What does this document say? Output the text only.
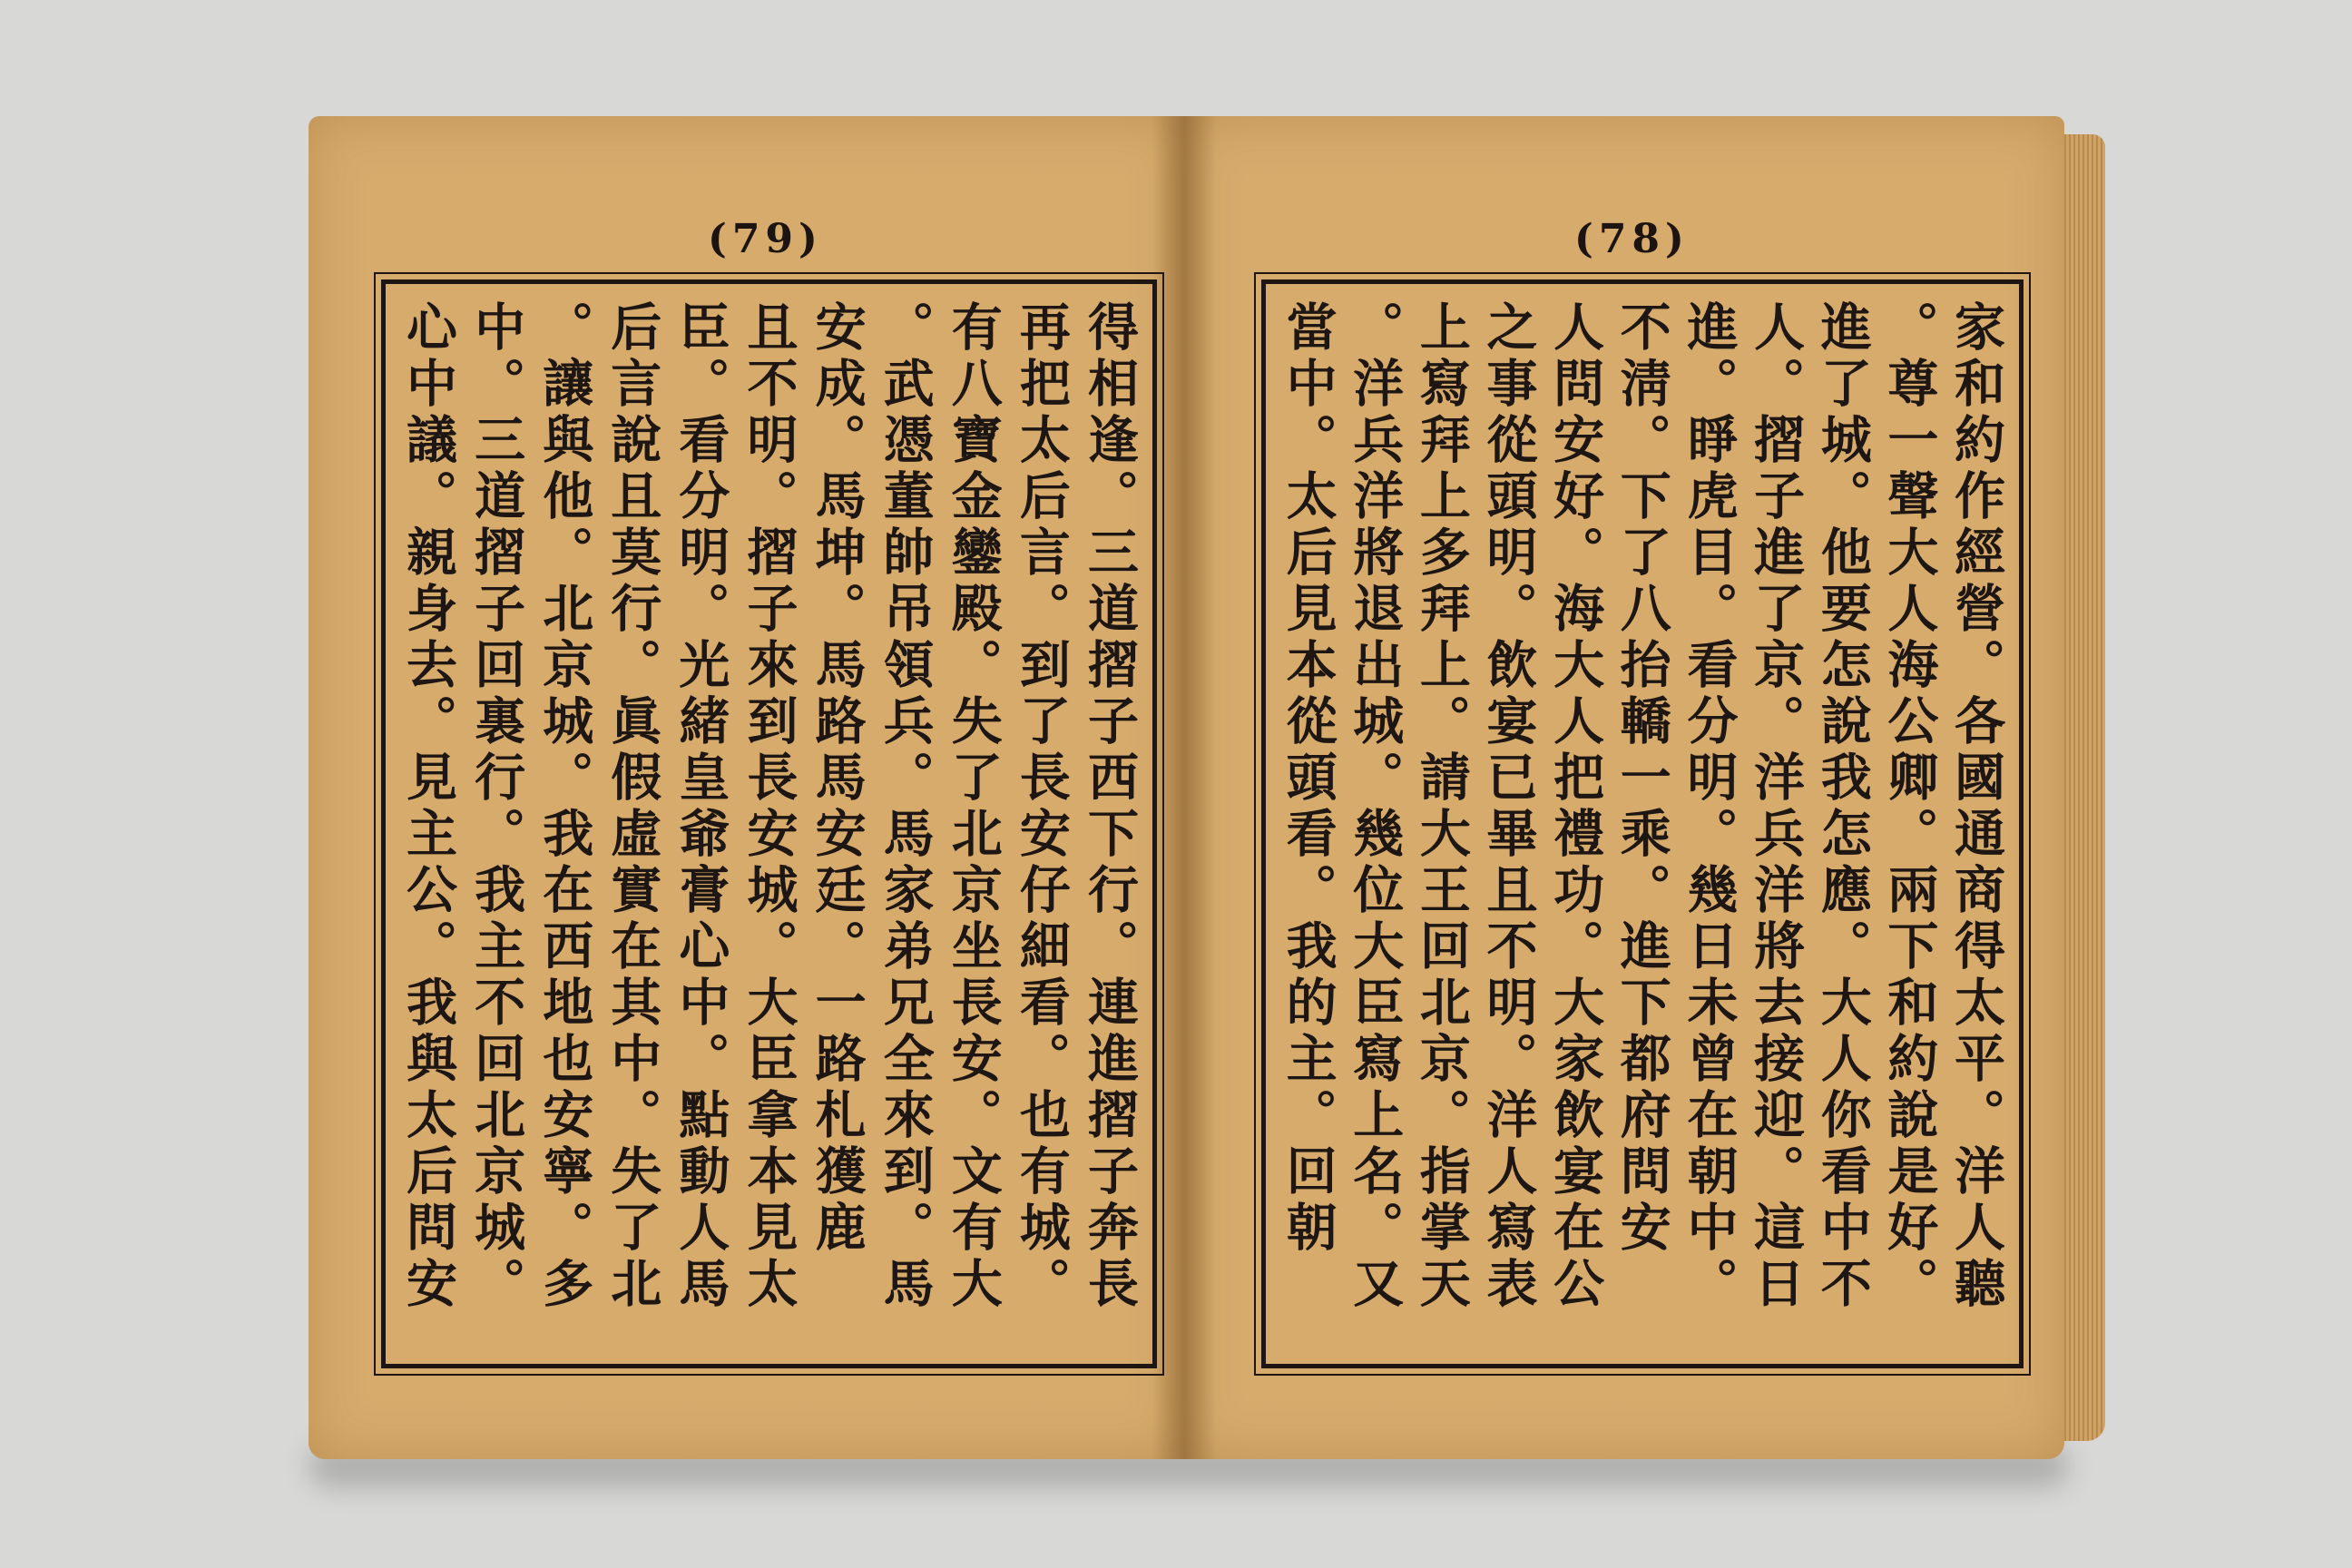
(79)
得相逢。三道摺子西下行。連進摺子奔長
再把太后言。到了長安仔細看。也有城。
有八寶金鑾殿。失了北京坐長安。文有大
。武憑董帥吊領兵。馬家弟兄全來到。馬
安成。馬坤。馬路馬安廷。一路札獲鹿
且不明。摺子來到長安城。大臣拿本見太
臣。看分明。光緒皇爺膏心中。點動人馬
后言說且莫行。眞假虛實在其中。失了北
。讓與他。北京城。我在西地也安寧。多
中。三道摺子回裏行。我主不回北京城。
心中議。親身去。見主公。我與太后問安
(78)
家和約作經營。各國通商得太平。洋人聽
。尊一聲大人海公卿。兩下和約說是好。
進了城。他要怎說我怎應。大人你看中不
人。摺子進了京。洋兵洋將去接迎。這日
進。睜虎目。看分明。幾日未曾在朝中。
不淸。下了八抬轎一乘。進下都府問安
人問安好。海大人把禮功。大家飲宴在公
之事從頭明。飲宴已畢且不明。洋人寫表
上寫拜上多拜上。請大王回北京。指掌天
。洋兵洋將退出城。幾位大臣寫上名。又
當中。太后見本從頭看。我的主。回朝
